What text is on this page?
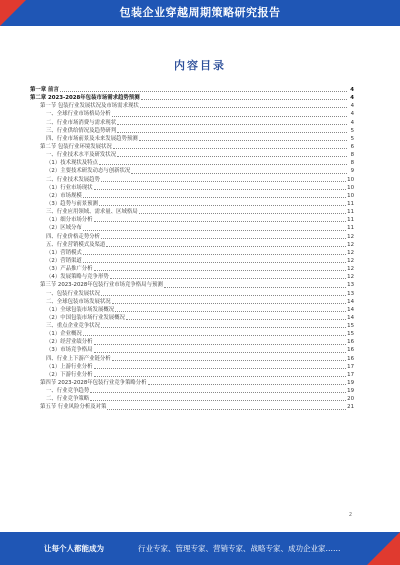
包装企业穿越周期策略研究报告
内容目录
第一章 前言	4
第二章 2023-2028年包装市场需求趋势预测	4
第一节 包装行业发展状况及市场需求现状	4
一、全球行业市场格局分析	4
二、行业市场消费与需求现状	4
三、行业供给情况及趋势研判	5
四、行业市场前景及未来发展趋势预测	5
第二节 包装行业环境发展状况	6
一、行业技术水平及研发状况	8
（1）技术现状及特点	8
（2）主要技术研发动态与创新状况	9
二、行业技术发展趋势	10
（1）行业市场现状	10
（2）市场规模	10
（3）趋势与前景预测	11
三、行业应用领域、需求量、区域格局	11
（1）细分市场分析	11
（2）区域分布	11
四、行业价格走势分析	12
五、行业营销模式及渠道	12
（1）营销模式	12
（2）营销渠道	12
（3）产品推广分析	12
（4）发展策略与竞争形势	12
第三节 2023-2028年包装行业市场竞争格局与预测	13
一、包装行业发展状况	13
二、全球包装市场发展状况	14
（1）全球包装市场发展概况	14
（2）中国包装市场行业发展概况	14
三、重点企业竞争状况	15
（1）企业概况	15
（2）经营业绩分析	16
（3）市场竞争格局	16
四、行业上下游产业链分析	16
（1）上游行业分析	17
（2）下游行业分析	17
第四节 2023-2028年包装行业竞争策略分析	19
一、行业竞争趋势	19
二、行业竞争策略	20
第五节 行业风险分析及对策	21
2
让每个人都能成为	行业专家、管理专家、营销专家、战略专家、成功企业家……
